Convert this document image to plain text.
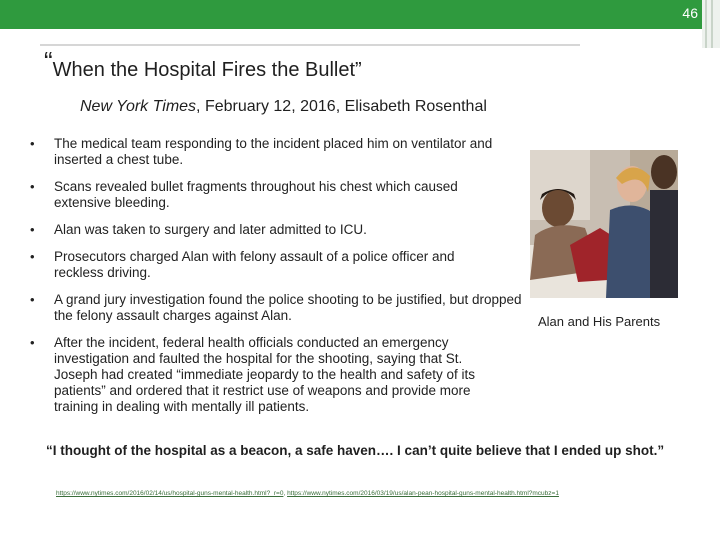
46
“When the Hospital Fires the Bullet”
New York Times, February 12, 2016, Elisabeth Rosenthal
• The medical team responding to the incident placed him on ventilator and inserted a chest tube.
• Scans revealed bullet fragments throughout his chest which caused extensive bleeding.
• Alan was taken to surgery and later admitted to ICU.
• Prosecutors charged Alan with felony assault of a police officer and reckless driving.
• A grand jury investigation found the police shooting to be justified, but dropped the felony assault charges against Alan.
• After the incident, federal health officials conducted an emergency investigation and faulted the hospital for the shooting, saying that St. Joseph had created “immediate jeopardy to the health and safety of its patients” and ordered that it restrict use of weapons and provide more training in dealing with mentally ill patients.
Alan and His Parents
“I thought of the hospital as a beacon, a safe haven…. I can’t quite believe that I ended up shot.”
https://www.nytimes.com/2016/02/14/us/hospital-guns-mental-health.html?_r=0, https://www.nytimes.com/2016/03/19/us/alan-pean-hospital-guns-mental-health.html?mcubz=1
